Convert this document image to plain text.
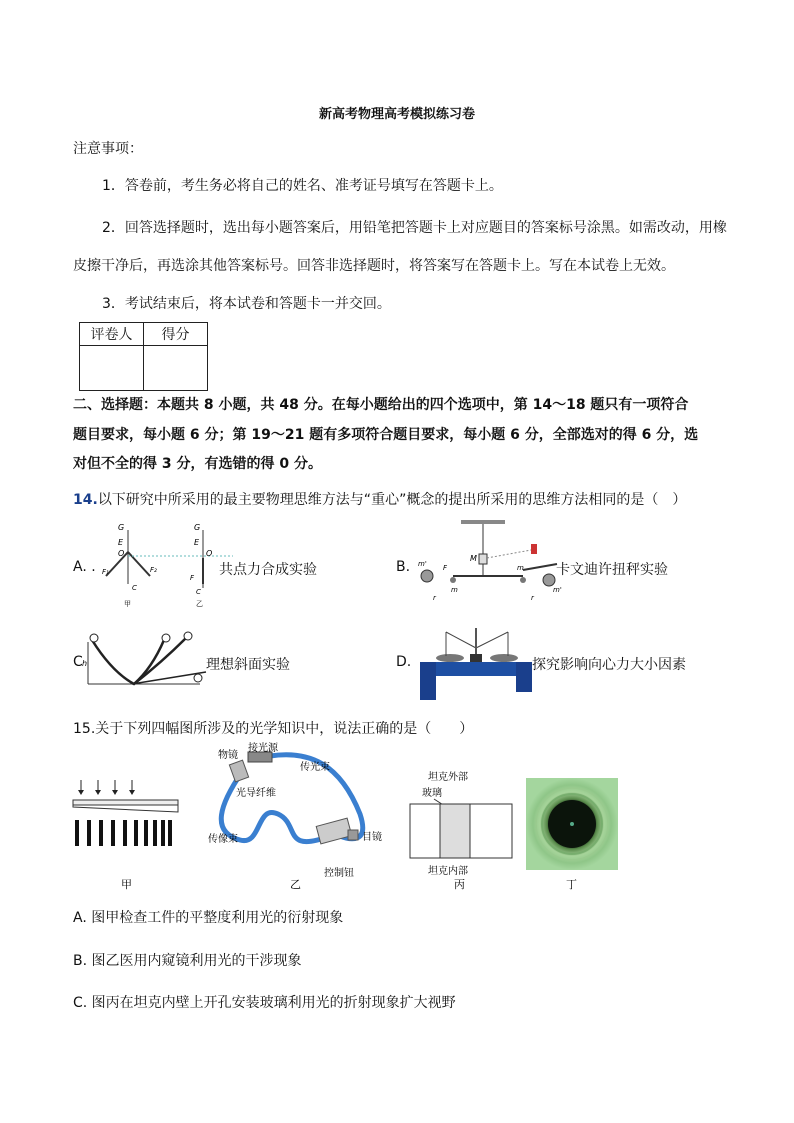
新高考物理高考模拟练习卷
注意事项：
1．答卷前，考生务必将自己的姓名、准考证号填写在答题卡上。
2．回答选择题时，选出每小题答案后，用铅笔把答题卡上对应题目的答案标号涂黑。如需改动，用橡
皮擦干净后，再选涂其他答案标号。回答非选择题时，将答案写在答题卡上。写在本试卷上无效。
3．考试结束后，将本试卷和答题卡一并交回。
评卷人	得分

二、选择题：本题共 8 小题，共 48 分。在每小题给出的四个选项中，第 14～18 题只有一项符合
题目要求，每小题 6 分；第 19～21 题有多项符合题目要求，每小题 6 分，全部选对的得 6 分，选
对但不全的得 3 分，有选错的得 0 分。
14.以下研究中所采用的最主要物理思维方法与“重心”概念的提出所采用的思维方法相同的是（　）
A. .
G
E
O
F₁	F₂
C
甲
G
E
O
F
C
乙
共点力合成实验	B. m'
M
F
m
m
m'
r	r
卡文迪许扭秤实验
C h	理想斜面实验	D.	探究影响向心力大小因素
15.关于下列四幅图所涉及的光学知识中，说法正确的是（　　）
甲
物镜
接光源
传光束
光导纤维
传像束	目镜
控制钮
乙
坦克外部
玻璃
坦克内部
丙	丁
A. 图甲检查工件的平整度利用光的衍射现象
B. 图乙医用内窥镜利用光的干涉现象
C. 图丙在坦克内壁上开孔安装玻璃利用光的折射现象扩大视野
